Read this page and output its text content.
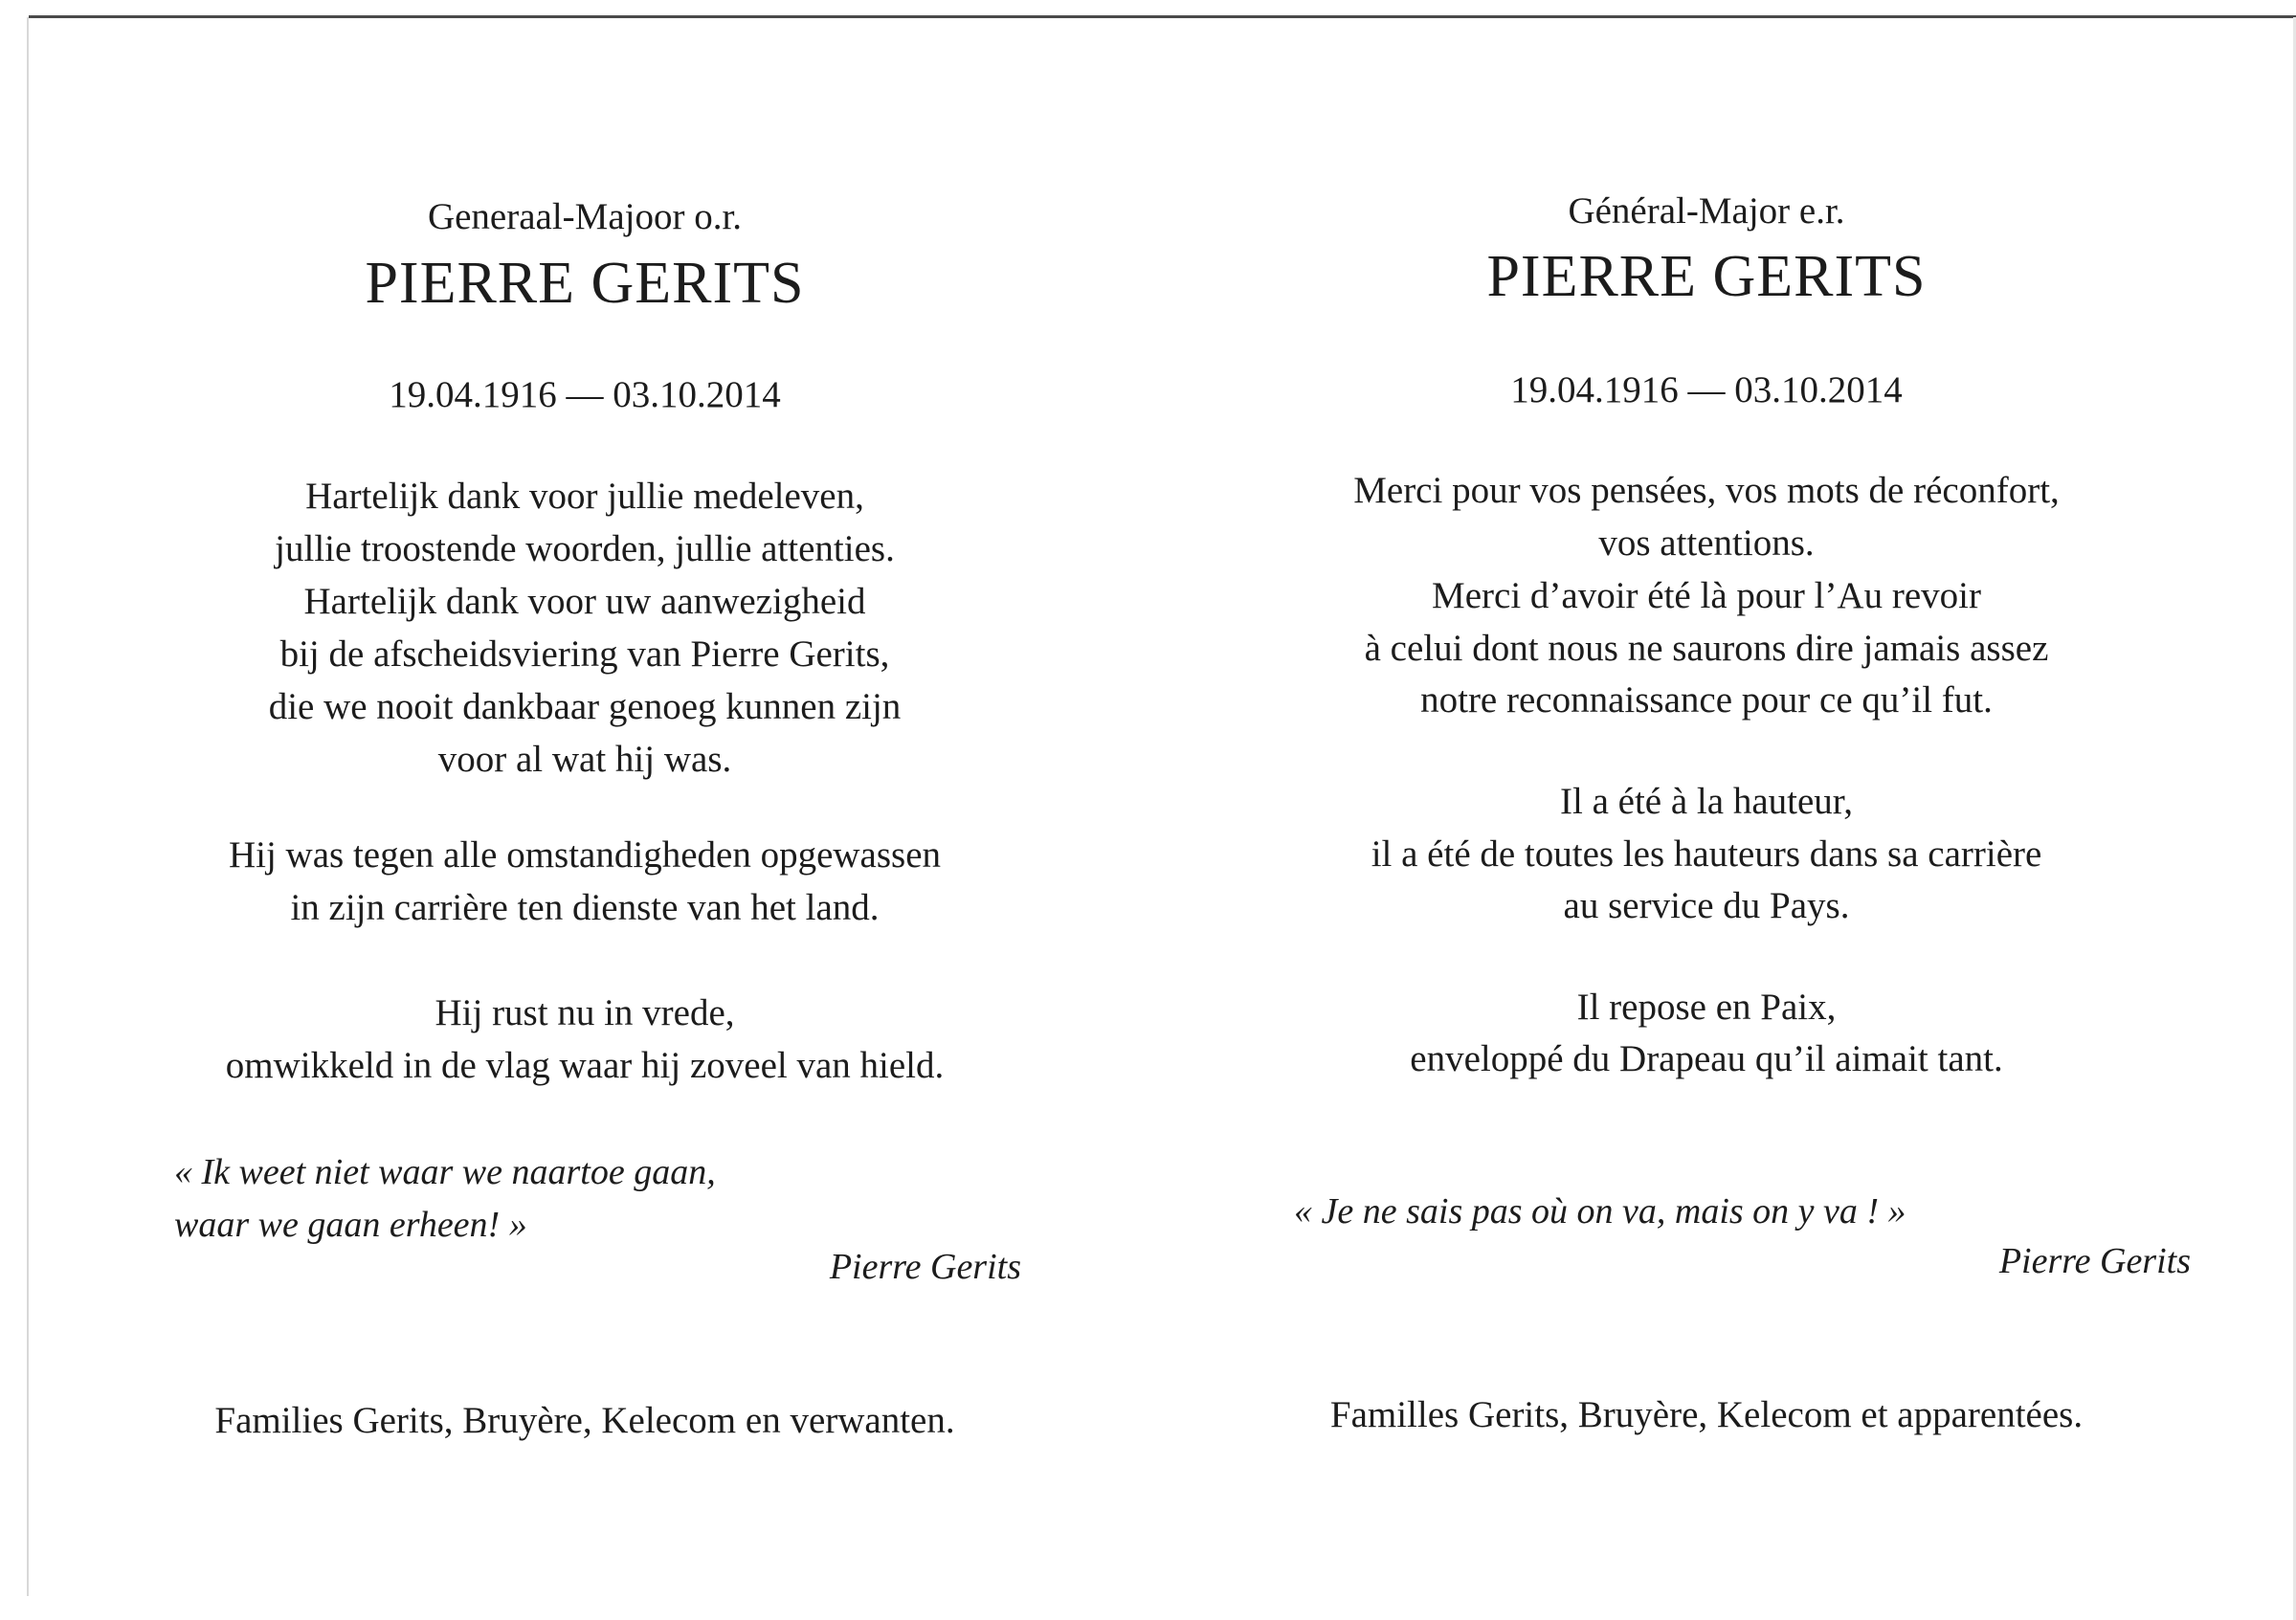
Generaal-Majoor o.r.
PIERRE GERITS
19.04.1916 — 03.10.2014
Hartelijk dank voor jullie medeleven,
jullie troostende woorden, jullie attenties.
Hartelijk dank voor uw aanwezigheid
bij de afscheidsviering van Pierre Gerits,
die we nooit dankbaar genoeg kunnen zijn
voor al wat hij was.
Hij was tegen alle omstandigheden opgewassen
in zijn carrière ten dienste van het land.
Hij rust nu in vrede,
omwikkeld in de vlag waar hij zoveel van hield.
« Ik weet niet waar we naartoe gaan,
waar we gaan erheen! »
Pierre Gerits
Families Gerits, Bruyère, Kelecom en verwanten.
Général-Major e.r.
PIERRE GERITS
19.04.1916 — 03.10.2014
Merci pour vos pensées, vos mots de réconfort,
vos attentions.
Merci d’avoir été là pour l’Au revoir
à celui dont nous ne saurons dire jamais assez
notre reconnaissance pour ce qu’il fut.
Il a été à la hauteur,
il a été de toutes les hauteurs dans sa carrière
au service du Pays.
Il repose en Paix,
enveloppé du Drapeau qu’il aimait tant.
« Je ne sais pas où on va, mais on y va ! »
Pierre Gerits
Familles Gerits, Bruyère, Kelecom et apparentées.
